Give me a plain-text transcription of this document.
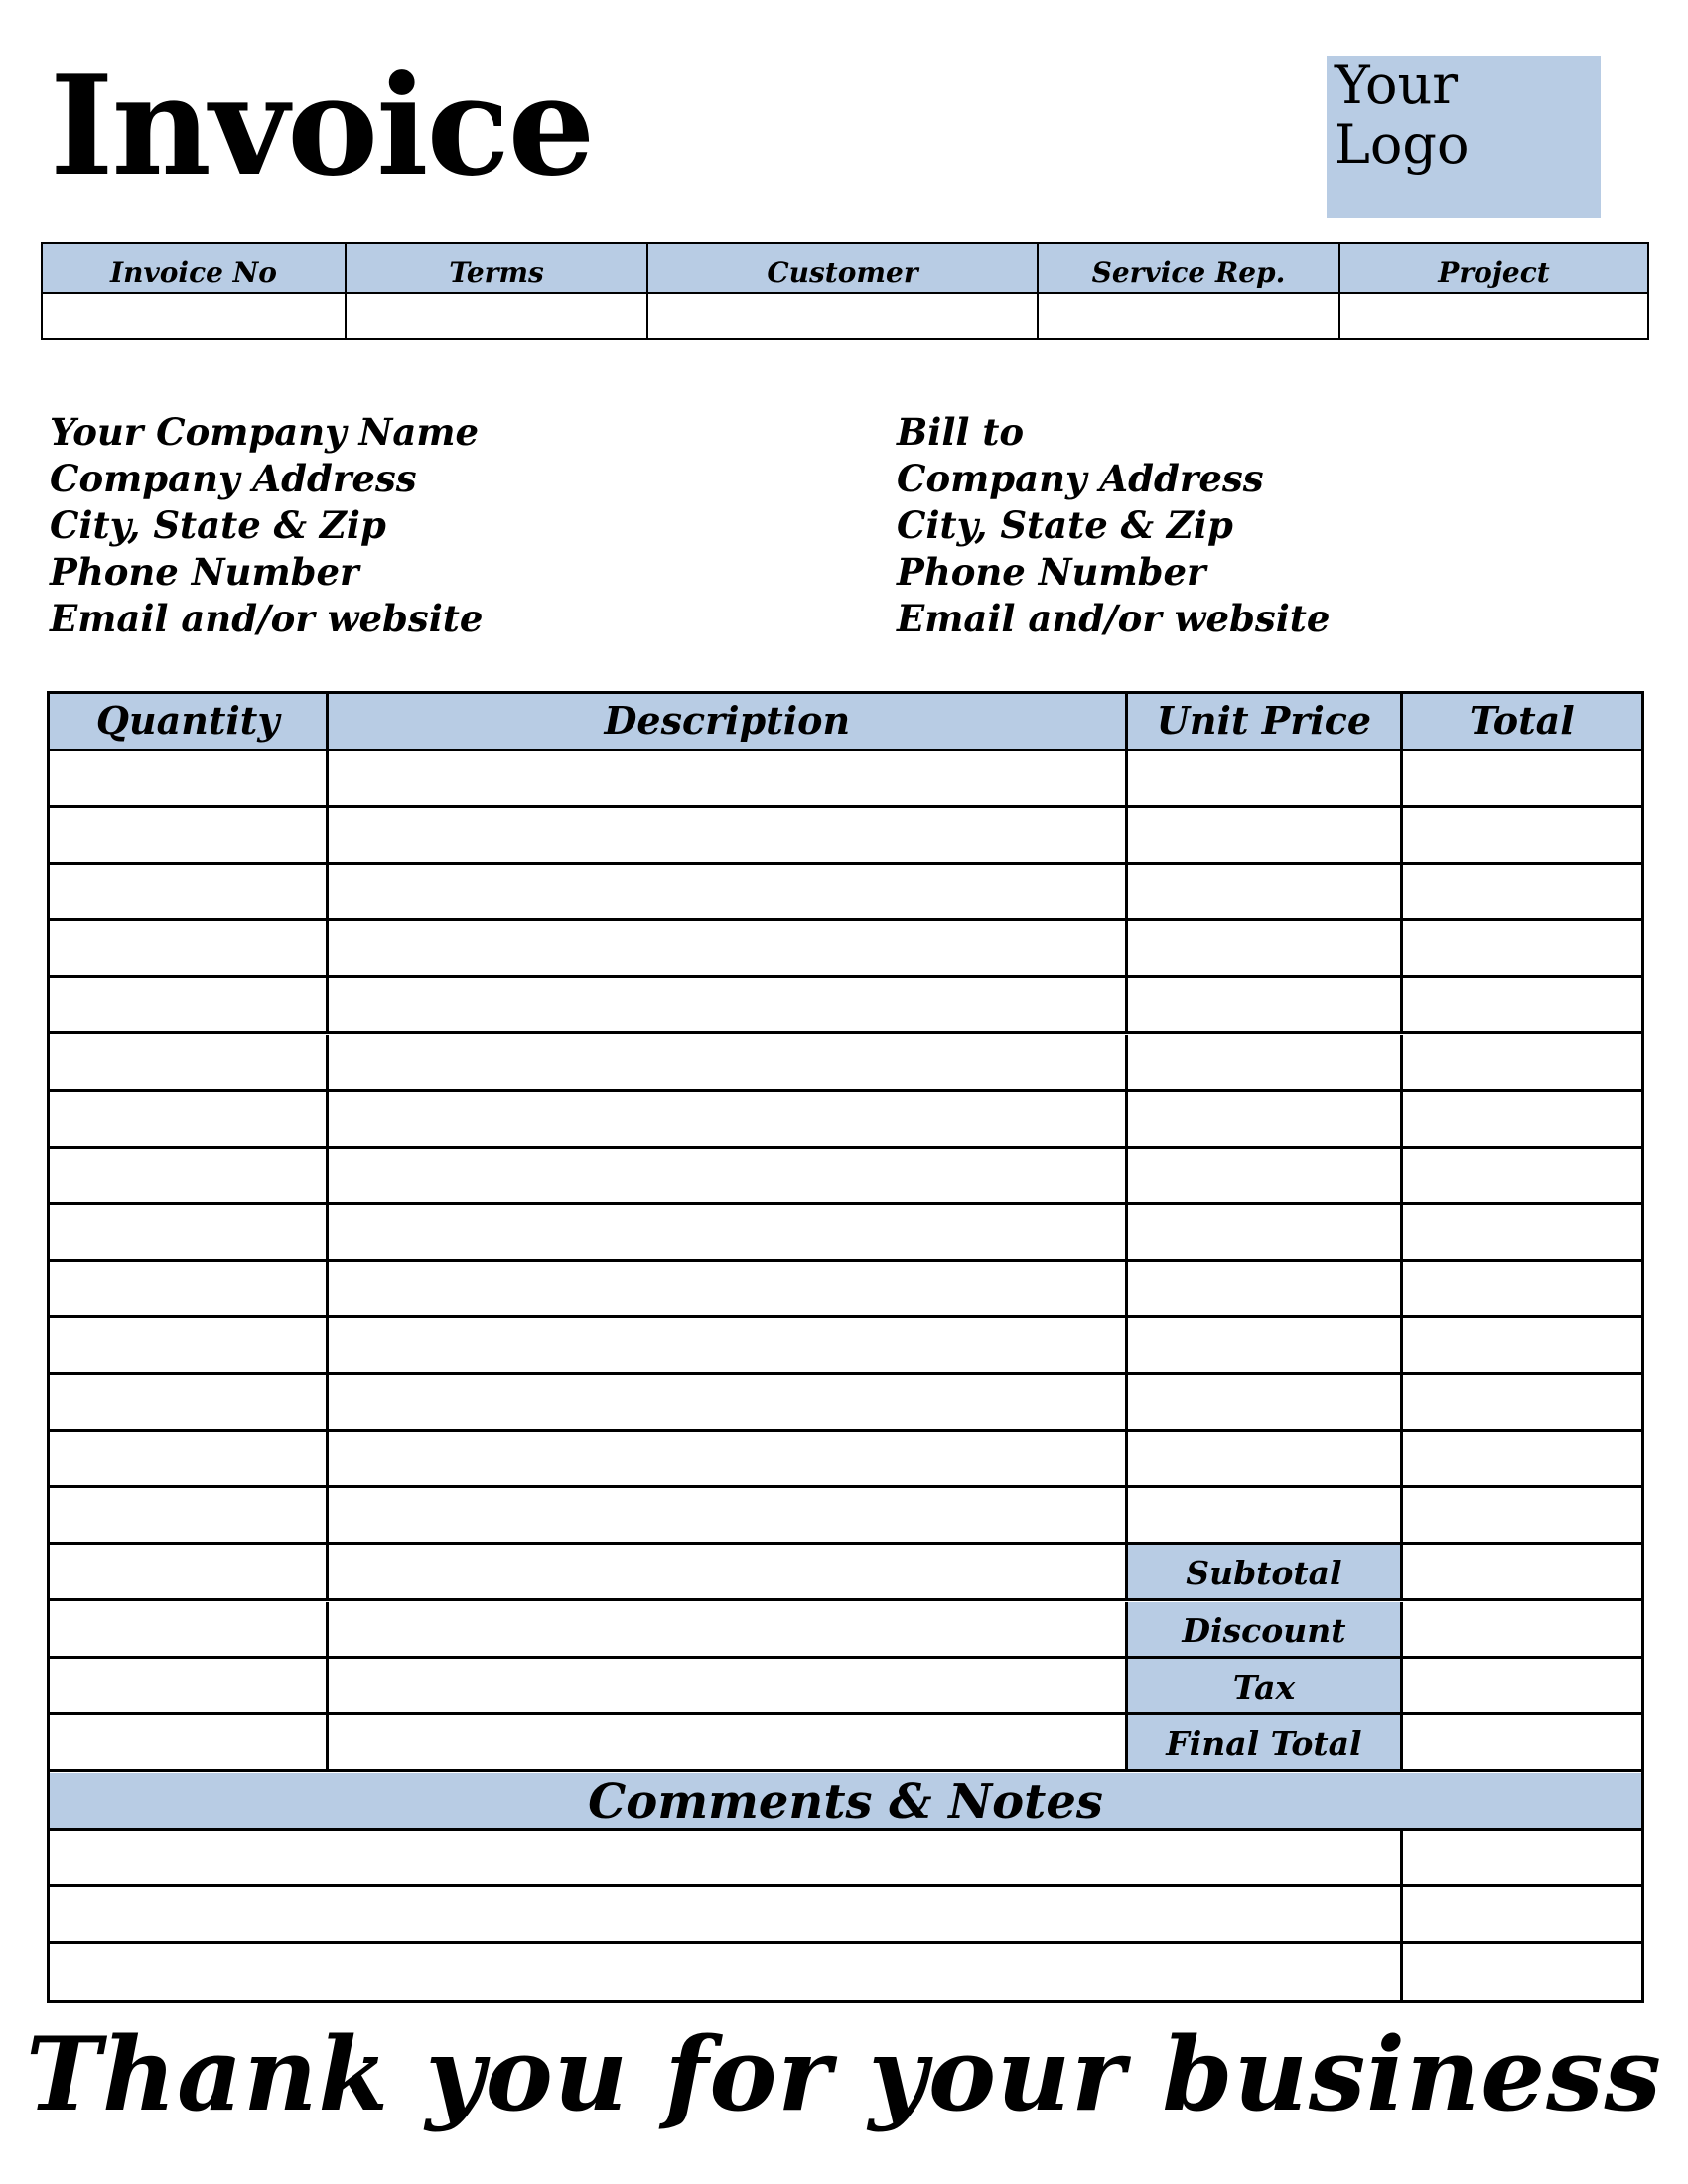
Invoice	Your
Logo
Invoice No	Terms	Customer	Service Rep.	Project
Your Company Name
Company Address
City, State & Zip
Phone Number
Email and/or website
Bill to
Company Address
City, State & Zip
Phone Number
Email and/or website
Quantity	Description	Unit Price	Total
Subtotal
Discount
Tax
Final Total
Comments & Notes
Thank you for your business
